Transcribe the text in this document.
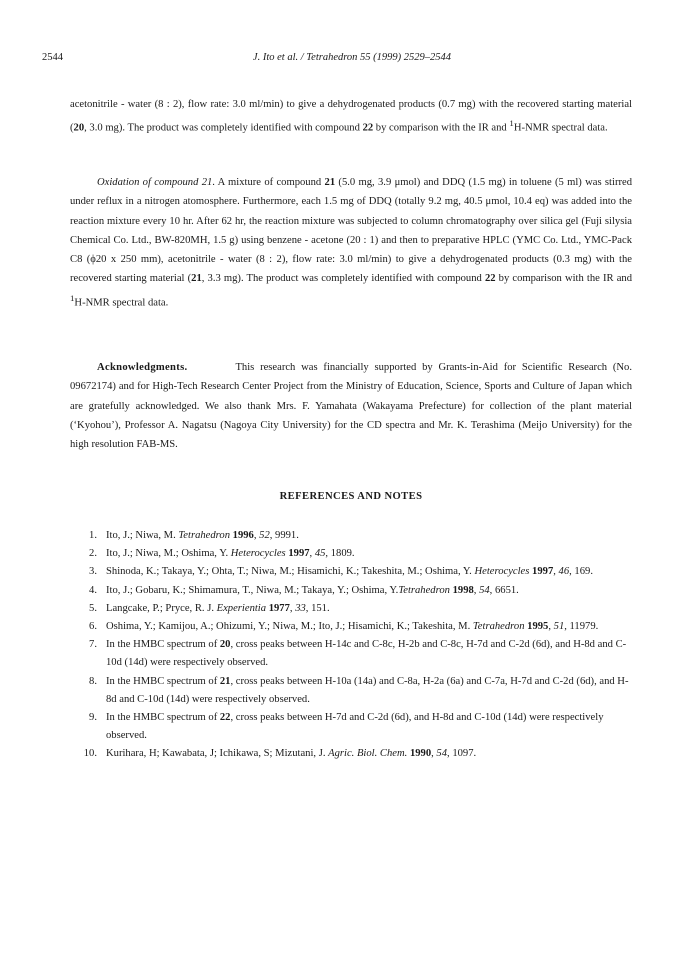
2544	J. Ito et al. / Tetrahedron 55 (1999) 2529–2544
acetonitrile - water (8 : 2), flow rate: 3.0 ml/min) to give a dehydrogenated products (0.7 mg) with the recovered starting material (20, 3.0 mg). The product was completely identified with compound 22 by comparison with the IR and $^1$H-NMR spectral data.
Oxidation of compound 21. A mixture of compound 21 (5.0 mg, 3.9 μmol) and DDQ (1.5 mg) in toluene (5 ml) was stirred under reflux in a nitrogen atomosphere. Furthermore, each 1.5 mg of DDQ (totally 9.2 mg, 40.5 μmol, 10.4 eq) was added into the reaction mixture every 10 hr. After 62 hr, the reaction mixture was subjected to column chromatography over silica gel (Fuji silysia Chemical Co. Ltd., BW-820MH, 1.5 g) using benzene - acetone (20 : 1) and then to preparative HPLC (YMC Co. Ltd., YMC-Pack C8 (ϕ20 x 250 mm), acetonitrile - water (8 : 2), flow rate: 3.0 ml/min) to give a dehydrogenated products (0.3 mg) with the recovered starting material (21, 3.3 mg). The product was completely identified with compound 22 by comparison with the IR and $^1$H-NMR spectral data.
Acknowledgments.	This research was financially supported by Grants-in-Aid for Scientific Research (No. 09672174) and for High-Tech Research Center Project from the Ministry of Education, Science, Sports and Culture of Japan which are gratefully acknowledged. We also thank Mrs. F. Yamahata (Wakayama Prefecture) for collection of the plant material (‘Kyohou’), Professor A. Nagatsu (Nagoya City University) for the CD spectra and Mr. K. Terashima (Meijo University) for the high resolution FAB-MS.
REFERENCES AND NOTES
1. Ito, J.; Niwa, M. Tetrahedron 1996, 52, 9991.
2. Ito, J.; Niwa, M.; Oshima, Y. Heterocycles 1997, 45, 1809.
3. Shinoda, K.; Takaya, Y.; Ohta, T.; Niwa, M.; Hisamichi, K.; Takeshita, M.; Oshima, Y. Heterocycles 1997, 46, 169.
4. Ito, J.; Gobaru, K.; Shimamura, T., Niwa, M.; Takaya, Y.; Oshima, Y.Tetrahedron 1998, 54, 6651.
5. Langcake, P.; Pryce, R. J. Experientia 1977, 33, 151.
6. Oshima, Y.; Kamijou, A.; Ohizumi, Y.; Niwa, M.; Ito, J.; Hisamichi, K.; Takeshita, M. Tetrahedron 1995, 51, 11979.
7. In the HMBC spectrum of 20, cross peaks between H-14c and C-8c, H-2b and C-8c, H-7d and C-2d (6d), and H-8d and C-10d (14d) were respectively observed.
8. In the HMBC spectrum of 21, cross peaks between H-10a (14a) and C-8a, H-2a (6a) and C-7a, H-7d and C-2d (6d), and H-8d and C-10d (14d) were respectively observed.
9. In the HMBC spectrum of 22, cross peaks between H-7d and C-2d (6d), and H-8d and C-10d (14d) were respectively observed.
10. Kurihara, H; Kawabata, J; Ichikawa, S; Mizutani, J. Agric. Biol. Chem. 1990, 54, 1097.
